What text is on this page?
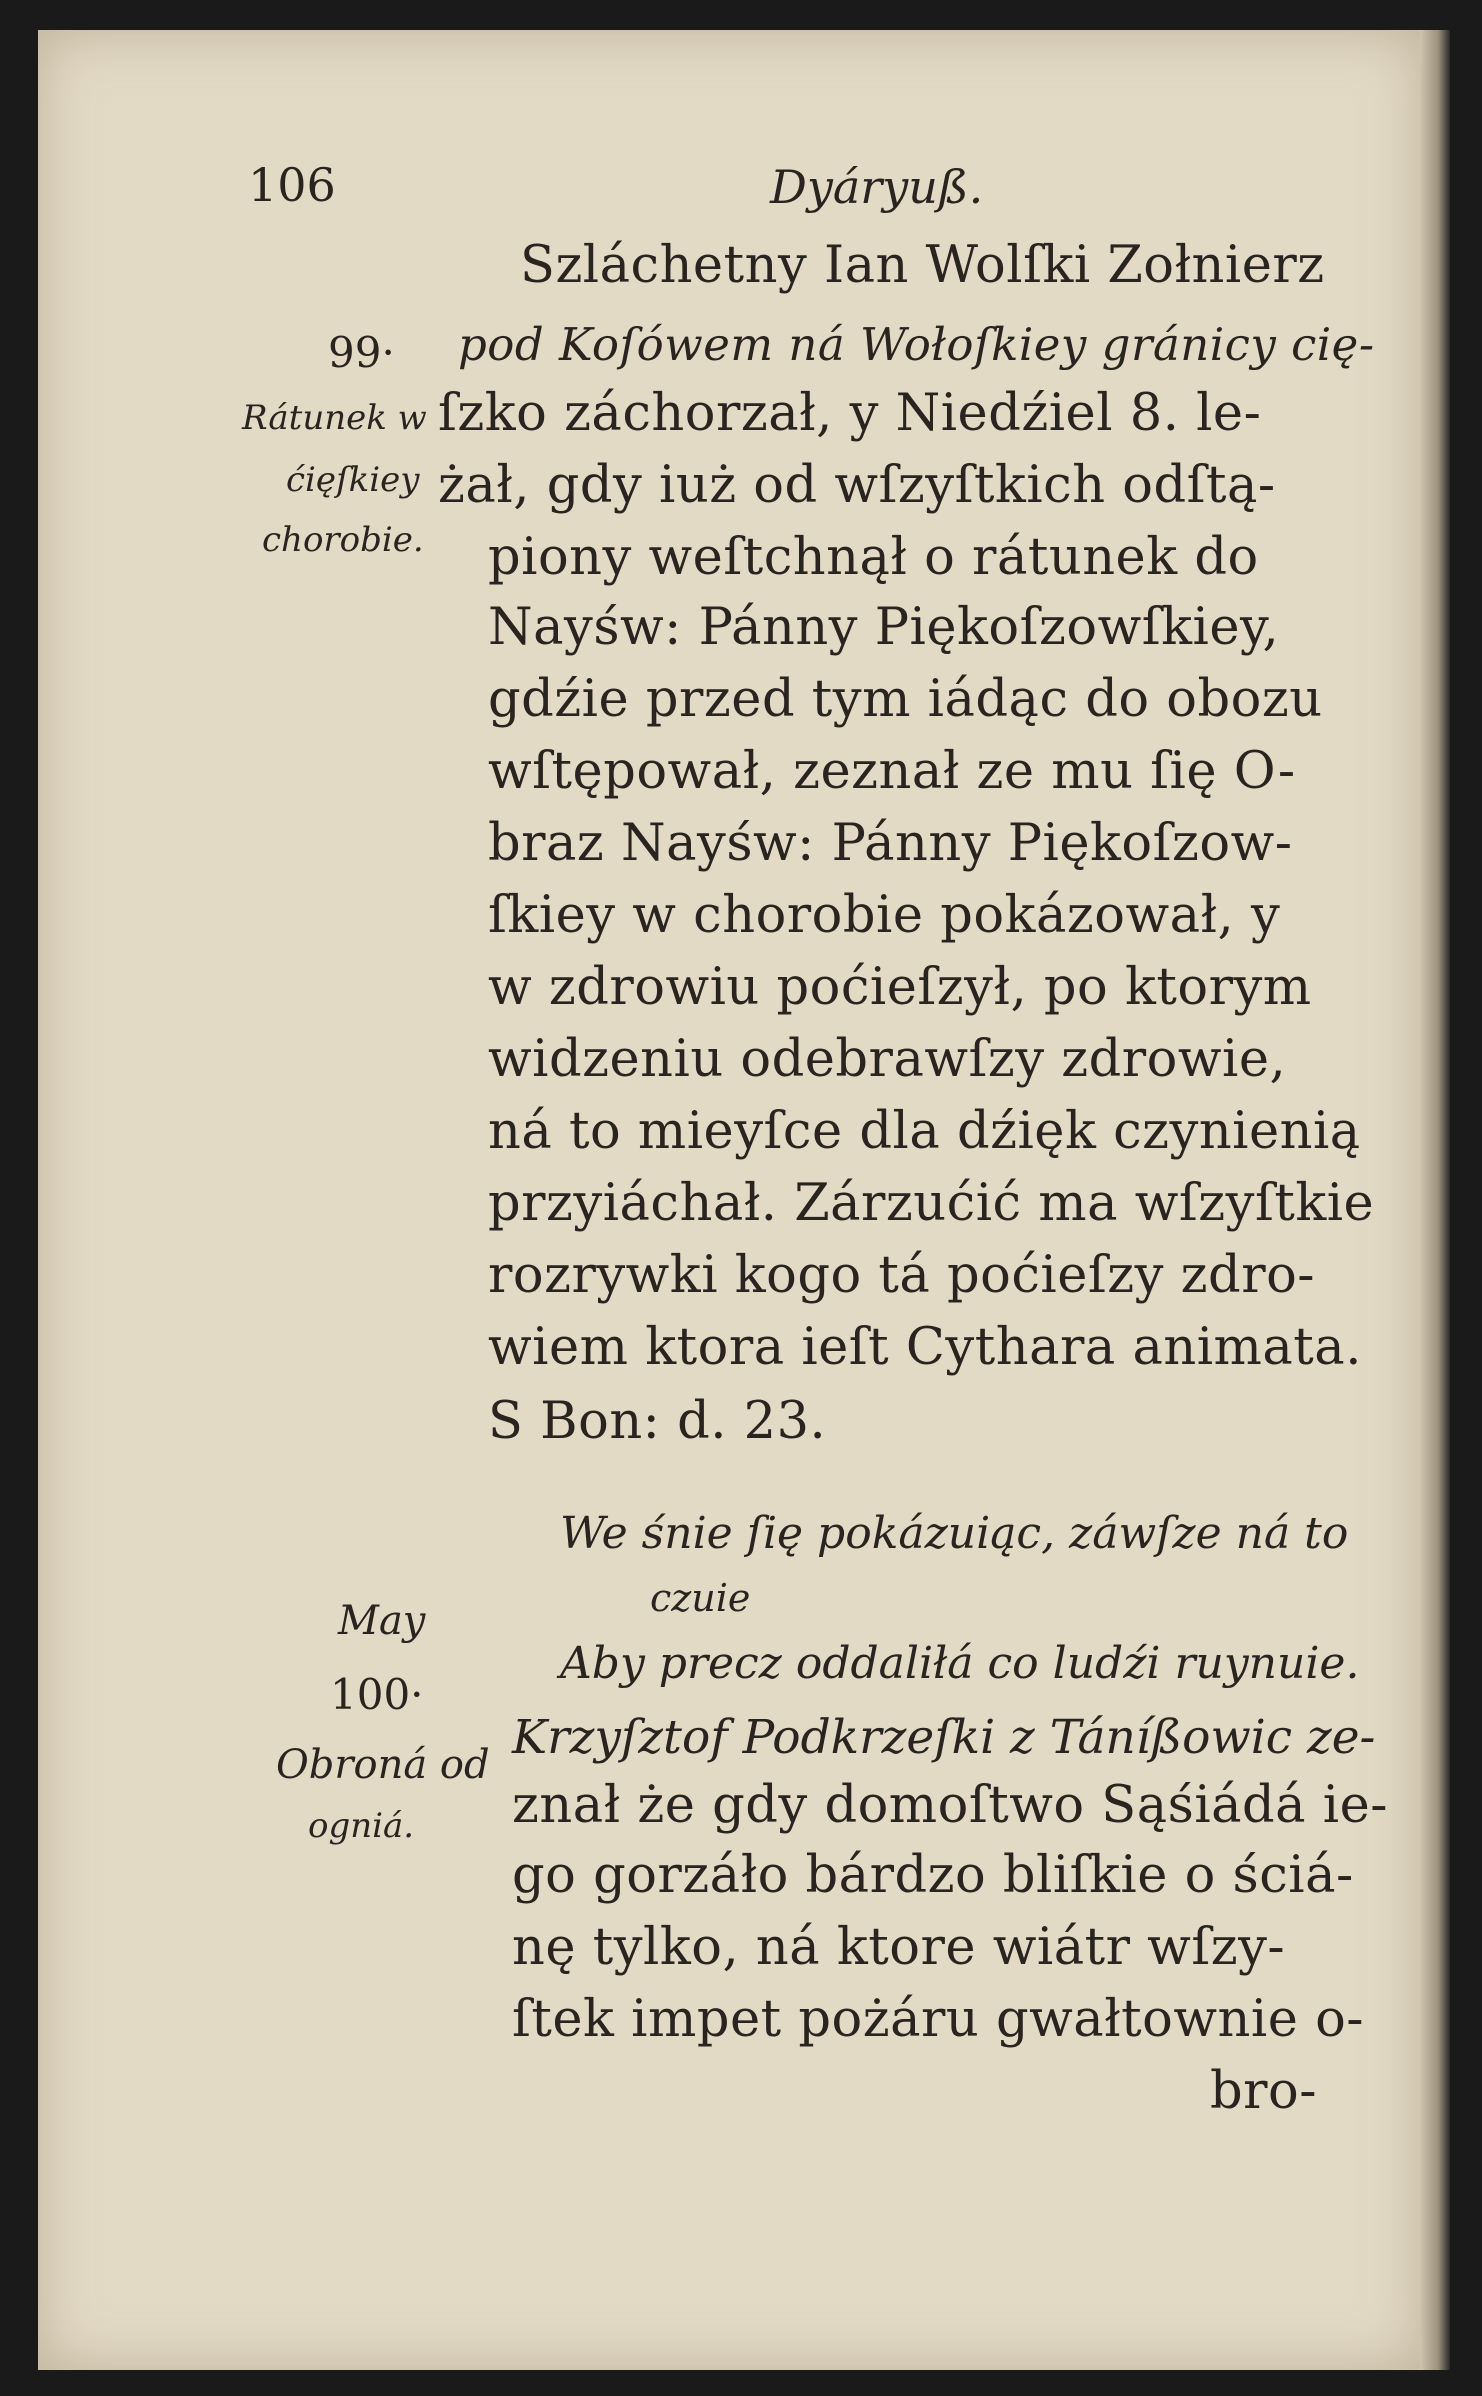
106	Dyáryuß.
99·
Rátunek w
ćięſkiey
chorobie.
May
100·
Obroná od
ogniá.
Szláchetny Ian Wolſki Zołnierz
pod Koſówem ná Wołoſkiey gránicy cię-
ſzko záchorzał, y Niedźiel 8. le-
żał, gdy iuż od wſzyſtkich odſtą-
piony weſtchnął o rátunek do
Nayśw: Pánny Piękoſzowſkiey,
gdźie przed tym iádąc do obozu
wſtępował, zeznał ze mu ſię O-
braz Nayśw: Pánny Piękoſzow-
ſkiey w chorobie pokázował, y
w zdrowiu poćieſzył, po ktorym
widzeniu odebrawſzy zdrowie,
ná to mieyſce dla dźięk czynienią
przyiáchał. Zárzućić ma wſzyſtkie
rozrywki kogo tá poćieſzy zdro-
wiem ktora ieſt Cythara animata.
S Bon: d. 23.
We śnie ſię pokázuiąc, záwſze ná to
czuie
Aby precz oddaliłá co ludźi ruynuie.
Krzyſztof Podkrzeſki z Táníßowic ze-
znał że gdy domoſtwo Sąśiádá ie-
go gorzáło bárdzo bliſkie o ściá-
nę tylko, ná ktore wiátr wſzy-
ſtek impet pożáru gwałtownie o-
bro-
